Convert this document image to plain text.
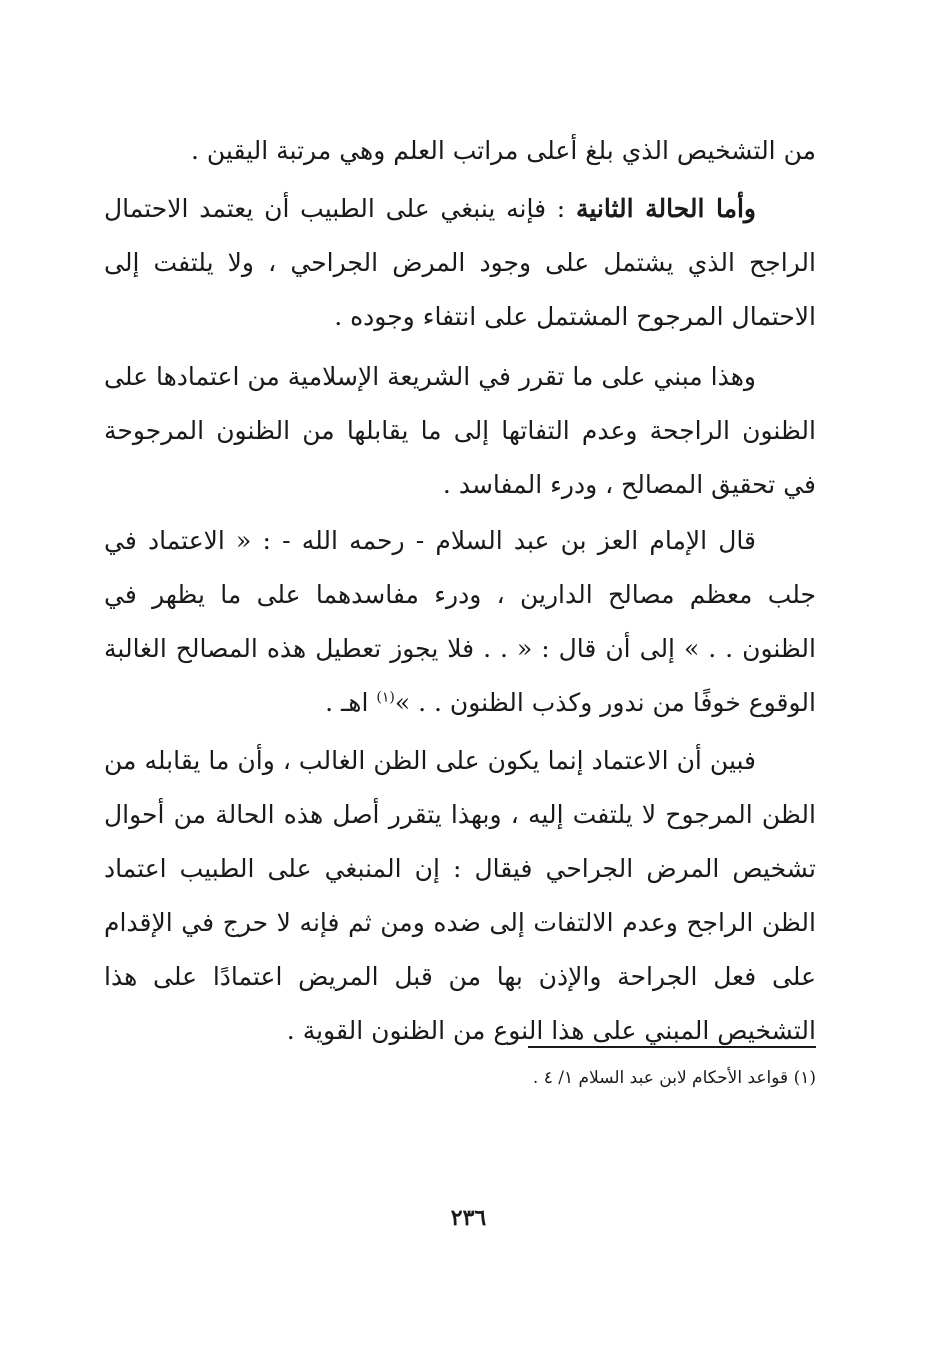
من التشخيص الذي بلغ أعلى مراتب العلم وهي مرتبة اليقين .

وأما الحالة الثانية : فإنه ينبغي على الطبيب أن يعتمد الاحتمال الراجح الذي يشتمل على وجود المرض الجراحي ، ولا يلتفت إلى الاحتمال المرجوح المشتمل على انتفاء وجوده .

وهذا مبني على ما تقرر في الشريعة الإسلامية من اعتمادها على الظنون الراجحة وعدم التفاتها إلى ما يقابلها من الظنون المرجوحة في تحقيق المصالح ، ودرء المفاسد .

قال الإمام العز بن عبد السلام - رحمه الله - : « الاعتماد في جلب معظم مصالح الدارين ، ودرء مفاسدهما على ما يظهر في الظنون . . » إلى أن قال : « . . فلا يجوز تعطيل هذه المصالح الغالبة الوقوع خوفًا من ندور وكذب الظنون . . »$^{(١)}$ اهـ .

فبين أن الاعتماد إنما يكون على الظن الغالب ، وأن ما يقابله من الظن المرجوح لا يلتفت إليه ، وبهذا يتقرر أصل هذه الحالة من أحوال تشخيص المرض الجراحي فيقال : إن المنبغي على الطبيب اعتماد الظن الراجح وعدم الالتفات إلى ضده ومن ثم فإنه لا حرج في الإقدام على فعل الجراحة والإذن بها من قبل المريض اعتمادًا على هذا التشخيص المبني على هذا النوع من الظنون القوية .

(١) قواعد الأحكام لابن عبد السلام ١/ ٤ .
٢٣٦
